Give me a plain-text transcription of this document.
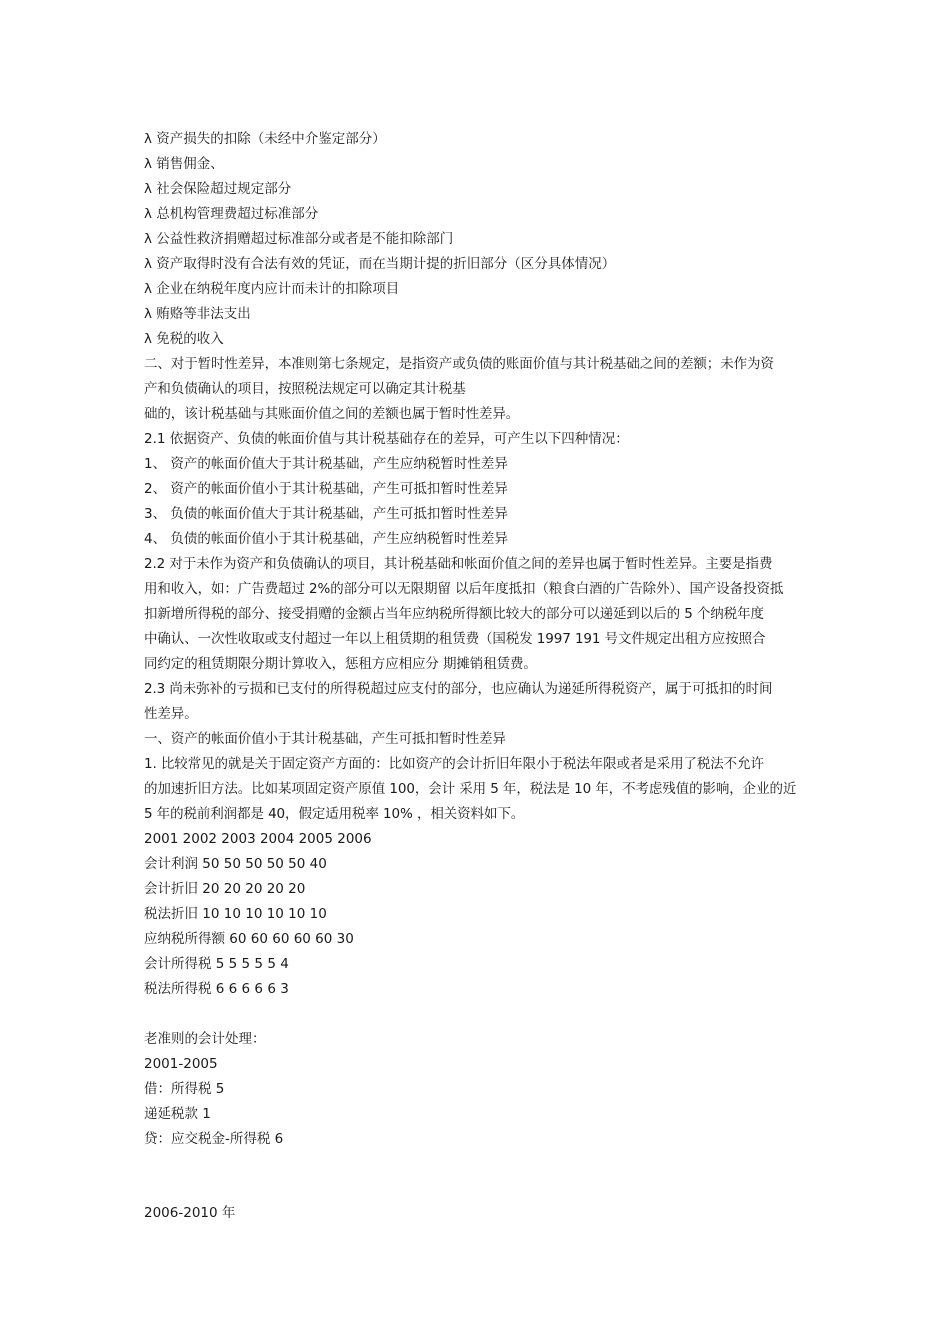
λ 资产损失的扣除（未经中介鉴定部分）
λ 销售佣金、
λ 社会保险超过规定部分
λ 总机构管理费超过标准部分
λ 公益性救济捐赠超过标准部分或者是不能扣除部门
λ 资产取得时没有合法有效的凭证，而在当期计提的折旧部分（区分具体情况）
λ 企业在纳税年度内应计而未计的扣除项目
λ 贿赂等非法支出
λ 免税的收入
二、对于暂时性差异，本准则第七条规定，是指资产或负债的账面价值与其计税基础之间的差额；未作为资
产和负债确认的项目，按照税法规定可以确定其计税基
础的，该计税基础与其账面价值之间的差额也属于暂时性差异。
2.1 依据资产、负债的帐面价值与其计税基础存在的差异，可产生以下四种情况：
1、 资产的帐面价值大于其计税基础，产生应纳税暂时性差异
2、 资产的帐面价值小于其计税基础，产生可抵扣暂时性差异
3、 负债的帐面价值大于其计税基础，产生可抵扣暂时性差异
4、 负债的帐面价值小于其计税基础，产生应纳税暂时性差异
2.2 对于未作为资产和负债确认的项目，其计税基础和帐面价值之间的差异也属于暂时性差异。主要是指费
用和收入，如：广告费超过 2%的部分可以无限期留 以后年度抵扣（粮食白酒的广告除外）、国产设备投资抵
扣新增所得税的部分、接受捐赠的金额占当年应纳税所得额比较大的部分可以递延到以后的 5 个纳税年度
中确认、一次性收取或支付超过一年以上租赁期的租赁费（国税发 1997 191 号文件规定出租方应按照合
同约定的租赁期限分期计算收入，惩租方应相应分 期摊销租赁费。
2.3 尚未弥补的亏损和已支付的所得税超过应支付的部分，也应确认为递延所得税资产，属于可抵扣的时间
性差异。
一、资产的帐面价值小于其计税基础，产生可抵扣暂时性差异
1. 比较常见的就是关于固定资产方面的：比如资产的会计折旧年限小于税法年限或者是采用了税法不允许
的加速折旧方法。比如某项固定资产原值 100，会计 采用 5 年，税法是 10 年，不考虑残值的影响，企业的近
5 年的税前利润都是 40，假定适用税率 10% ，相关资料如下。
2001 2002 2003 2004 2005 2006
会计利润 50 50 50 50 50 40
会计折旧 20 20 20 20 20
税法折旧 10 10 10 10 10 10
应纳税所得额 60 60 60 60 60 30
会计所得税 5 5 5 5 5 4
税法所得税 6 6 6 6 6 3
老准则的会计处理：
2001-2005
借：所得税 5
递延税款 1
贷：应交税金-所得税 6
2006-2010 年
